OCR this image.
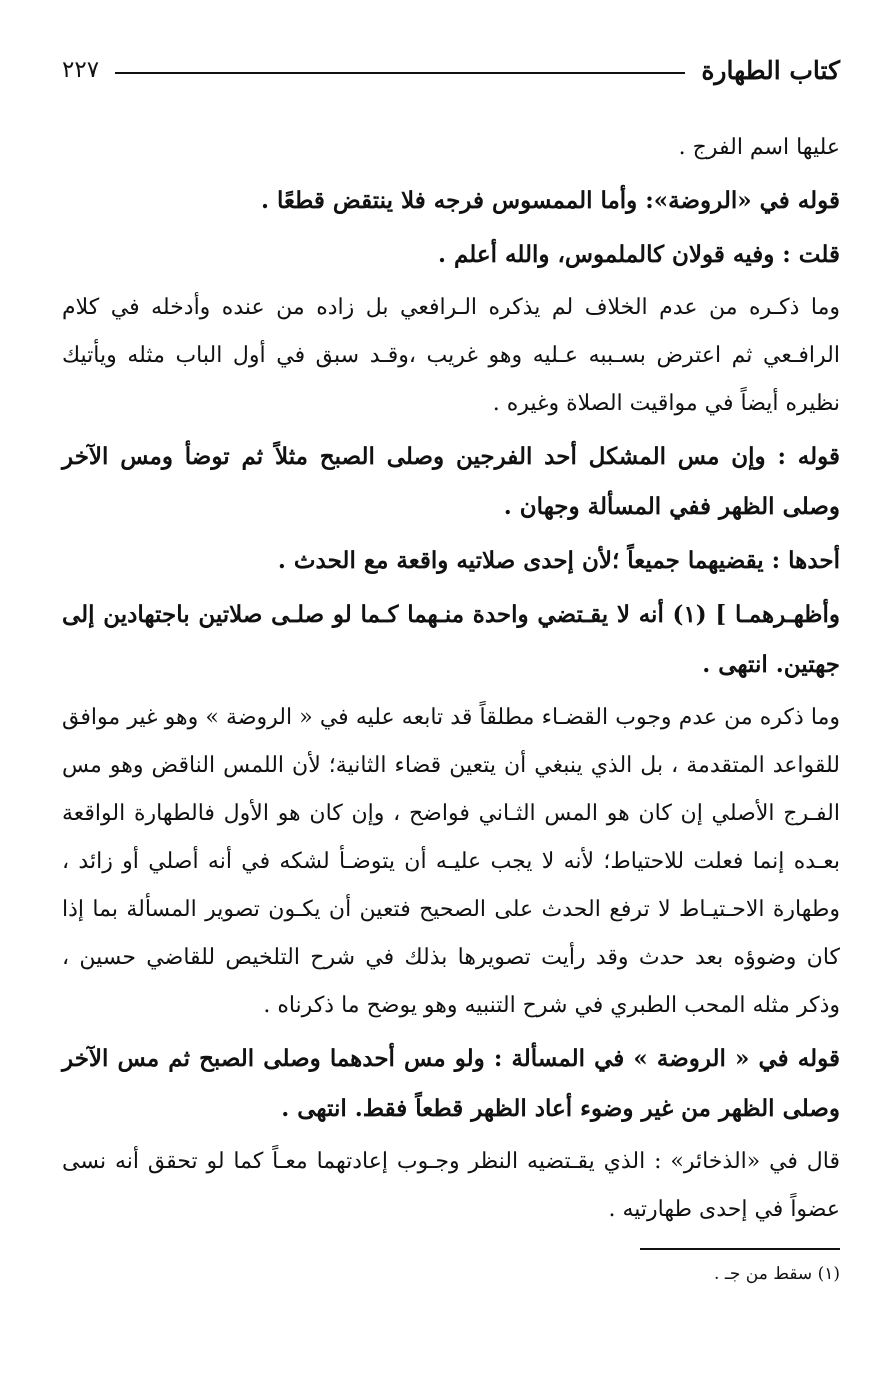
كتاب الطهارة
٢٢٧

عليها اسم الفرج .

قوله في «الروضة»: وأما الممسوس فرجه فلا ينتقض قطعًا .

قلت : وفيه قولان كالملموس، والله أعلم .

وما ذكـره من عدم الخلاف لم يذكره الـرافعي بل زاده من عنده وأدخله في كلام الرافـعي ثم اعترض بسـببه عـليه وهو غريب ،وقـد سبق في أول الباب مثله ويأتيك نظيره أيضاً في مواقيت الصلاة وغيره .

قوله : وإن مس المشكل أحد الفرجين وصلى الصبح مثلاً ثم توضأ ومس الآخر وصلى الظهر ففي المسألة وجهان .

أحدها : يقضيهما جميعاً ؛لأن إحدى صلاتيه واقعة مع الحدث .

وأظهـرهمـا ] (١) أنه لا يقـتضي واحدة منـهما كـما لو صلـى صلاتين باجتهادين إلى جهتين. انتهى .

وما ذكره من عدم وجوب القضـاء مطلقاً قد تابعه عليه في « الروضة » وهو غير موافق للقواعد المتقدمة ، بل الذي ينبغي أن يتعين قضاء الثانية؛ لأن اللمس الناقض وهو مس الفـرج الأصلي إن كان هو المس الثـاني فواضح ، وإن كان هو الأول فالطهارة الواقعة بعـده إنما فعلت للاحتياط؛ لأنه لا يجب عليـه أن يتوضـأ لشكه في أنه أصلي أو زائد ، وطهارة الاحـتيـاط لا ترفع الحدث على الصحيح فتعين أن يكـون تصوير المسألة بما إذا كان وضوؤه بعد حدث وقد رأيت تصويرها بذلك في شرح التلخيص للقاضي حسين ، وذكر مثله المحب الطبري في شرح التنبيه وهو يوضح ما ذكرناه .

قوله في « الروضة » في المسألة : ولو مس أحدهما وصلى الصبح ثم مس الآخر وصلى الظهر من غير وضوء أعاد الظهر قطعاً فقط. انتهى .

قال في «الذخائر» : الذي يقـتضيه النظر وجـوب إعادتهما معـاً كما لو تحقق أنه نسى عضواً في إحدى طهارتيه .

(١) سقط من جـ .
